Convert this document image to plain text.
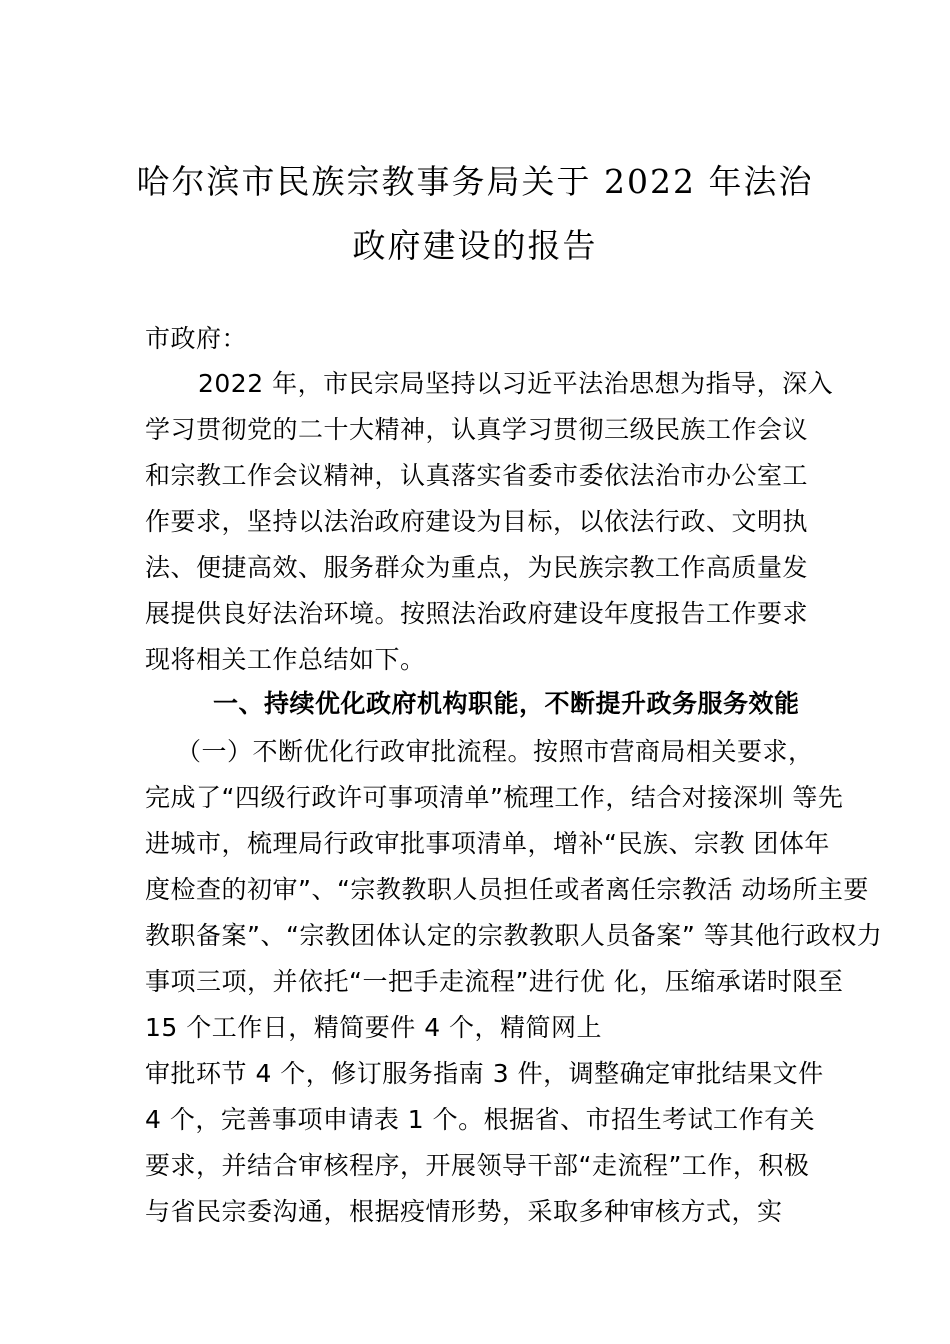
哈尔滨市民族宗教事务局关于 2022 年法治
政府建设的报告
市政府：
2022 年，市民宗局坚持以习近平法治思想为指导，深入
学习贯彻党的二十大精神，认真学习贯彻三级民族工作会议
和宗教工作会议精神，认真落实省委市委依法治市办公室工
作要求，坚持以法治政府建设为目标，以依法行政、文明执
法、便捷高效、服务群众为重点，为民族宗教工作高质量发
展提供良好法治环境。按照法治政府建设年度报告工作要求
现将相关工作总结如下。
一、持续优化政府机构职能，不断提升政务服务效能
（一）不断优化行政审批流程。按照市营商局相关要求，
完成了“四级行政许可事项清单”梳理工作，结合对接深圳 等先
进城市，梳理局行政审批事项清单，增补“民族、宗教 团体年
度检查的初审”、“宗教教职人员担任或者离任宗教活 动场所主要
教职备案”、“宗教团体认定的宗教教职人员备案” 等其他行政权力
事项三项，并依托“一把手走流程”进行优 化，压缩承诺时限至
15 个工作日，精简要件 4 个，精简网上
审批环节 4 个，修订服务指南 3 件，调整确定审批结果文件
4 个，完善事项申请表 1 个。根据省、市招生考试工作有关
要求，并结合审核程序，开展领导干部“走流程”工作，积极
与省民宗委沟通，根据疫情形势，采取多种审核方式，实
